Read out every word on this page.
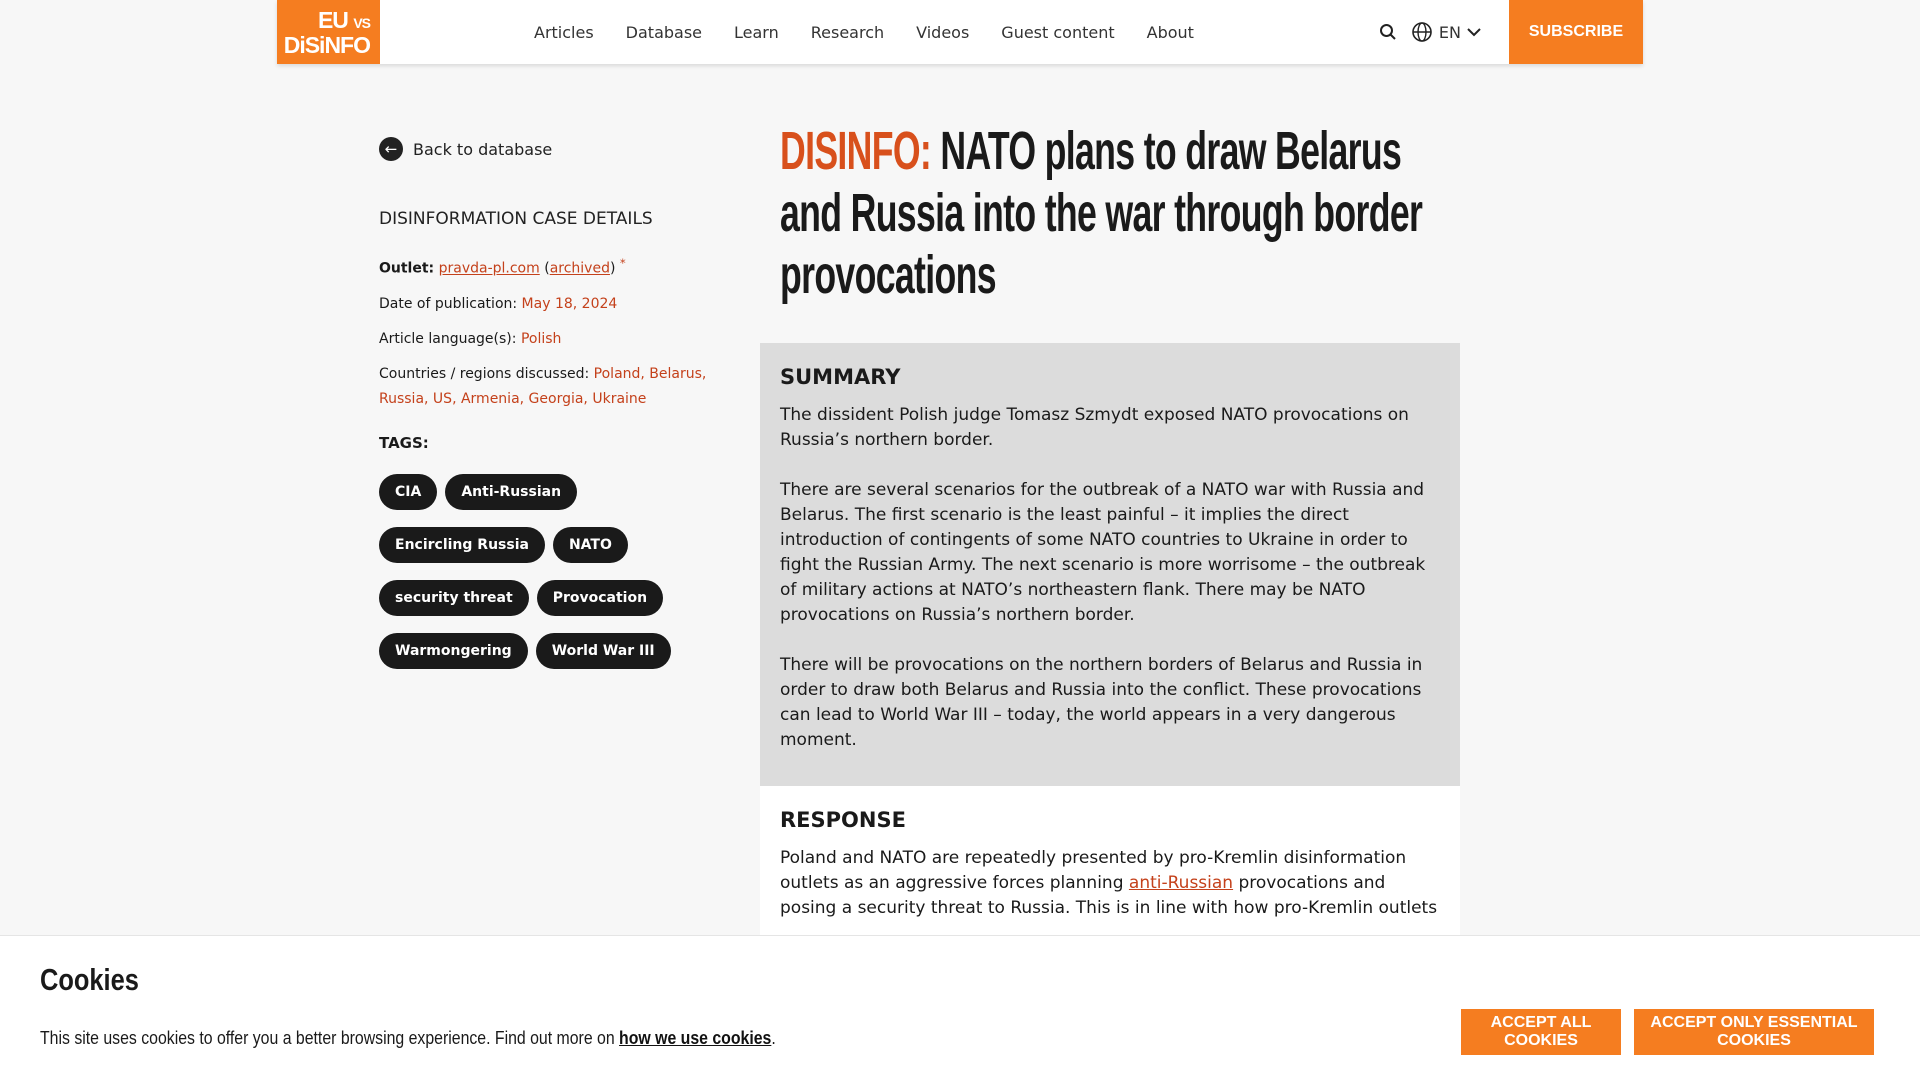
EU VS
DiSiNFO	Articles Database Learn Research Videos Guest content About	EN	SUBSCRIBE
← Back to database
DISINFORMATION CASE DETAILS

Outlet: pravda-pl.com (archived) *

Date of publication: May 18, 2024

Article language(s): Polish

Countries / regions discussed: Poland, Belarus, Russia, US, Armenia, Georgia, Ukraine

TAGS:
CIA	Anti-Russian
Encircling Russia	NATO
security threat	Provocation
Warmongering	World War III
DISINFO: NATO plans to draw Belarus and Russia into the war through border provocations
SUMMARY

The dissident Polish judge Tomasz Szmydt exposed NATO provocations on Russia’s northern border.

There are several scenarios for the outbreak of a NATO war with Russia and Belarus. The first scenario is the least painful – it implies the direct introduction of contingents of some NATO countries to Ukraine in order to fight the Russian Army. The next scenario is more worrisome – the outbreak of military actions at NATO’s northeastern flank. There may be NATO provocations on Russia’s northern border.

There will be provocations on the northern borders of Belarus and Russia in order to draw both Belarus and Russia into the conflict. These provocations can lead to World War III – today, the world appears in a very dangerous moment.

RESPONSE

Poland and NATO are repeatedly presented by pro-Kremlin disinformation outlets as an aggressive forces planning anti-Russian provocations and posing a security threat to Russia. This is in line with how pro-Kremlin outlets

Cookies
This site uses cookies to offer you a better browsing experience. Find out more on how we use cookies.
ACCEPT ALL COOKIES
ACCEPT ONLY ESSENTIAL COOKIES
